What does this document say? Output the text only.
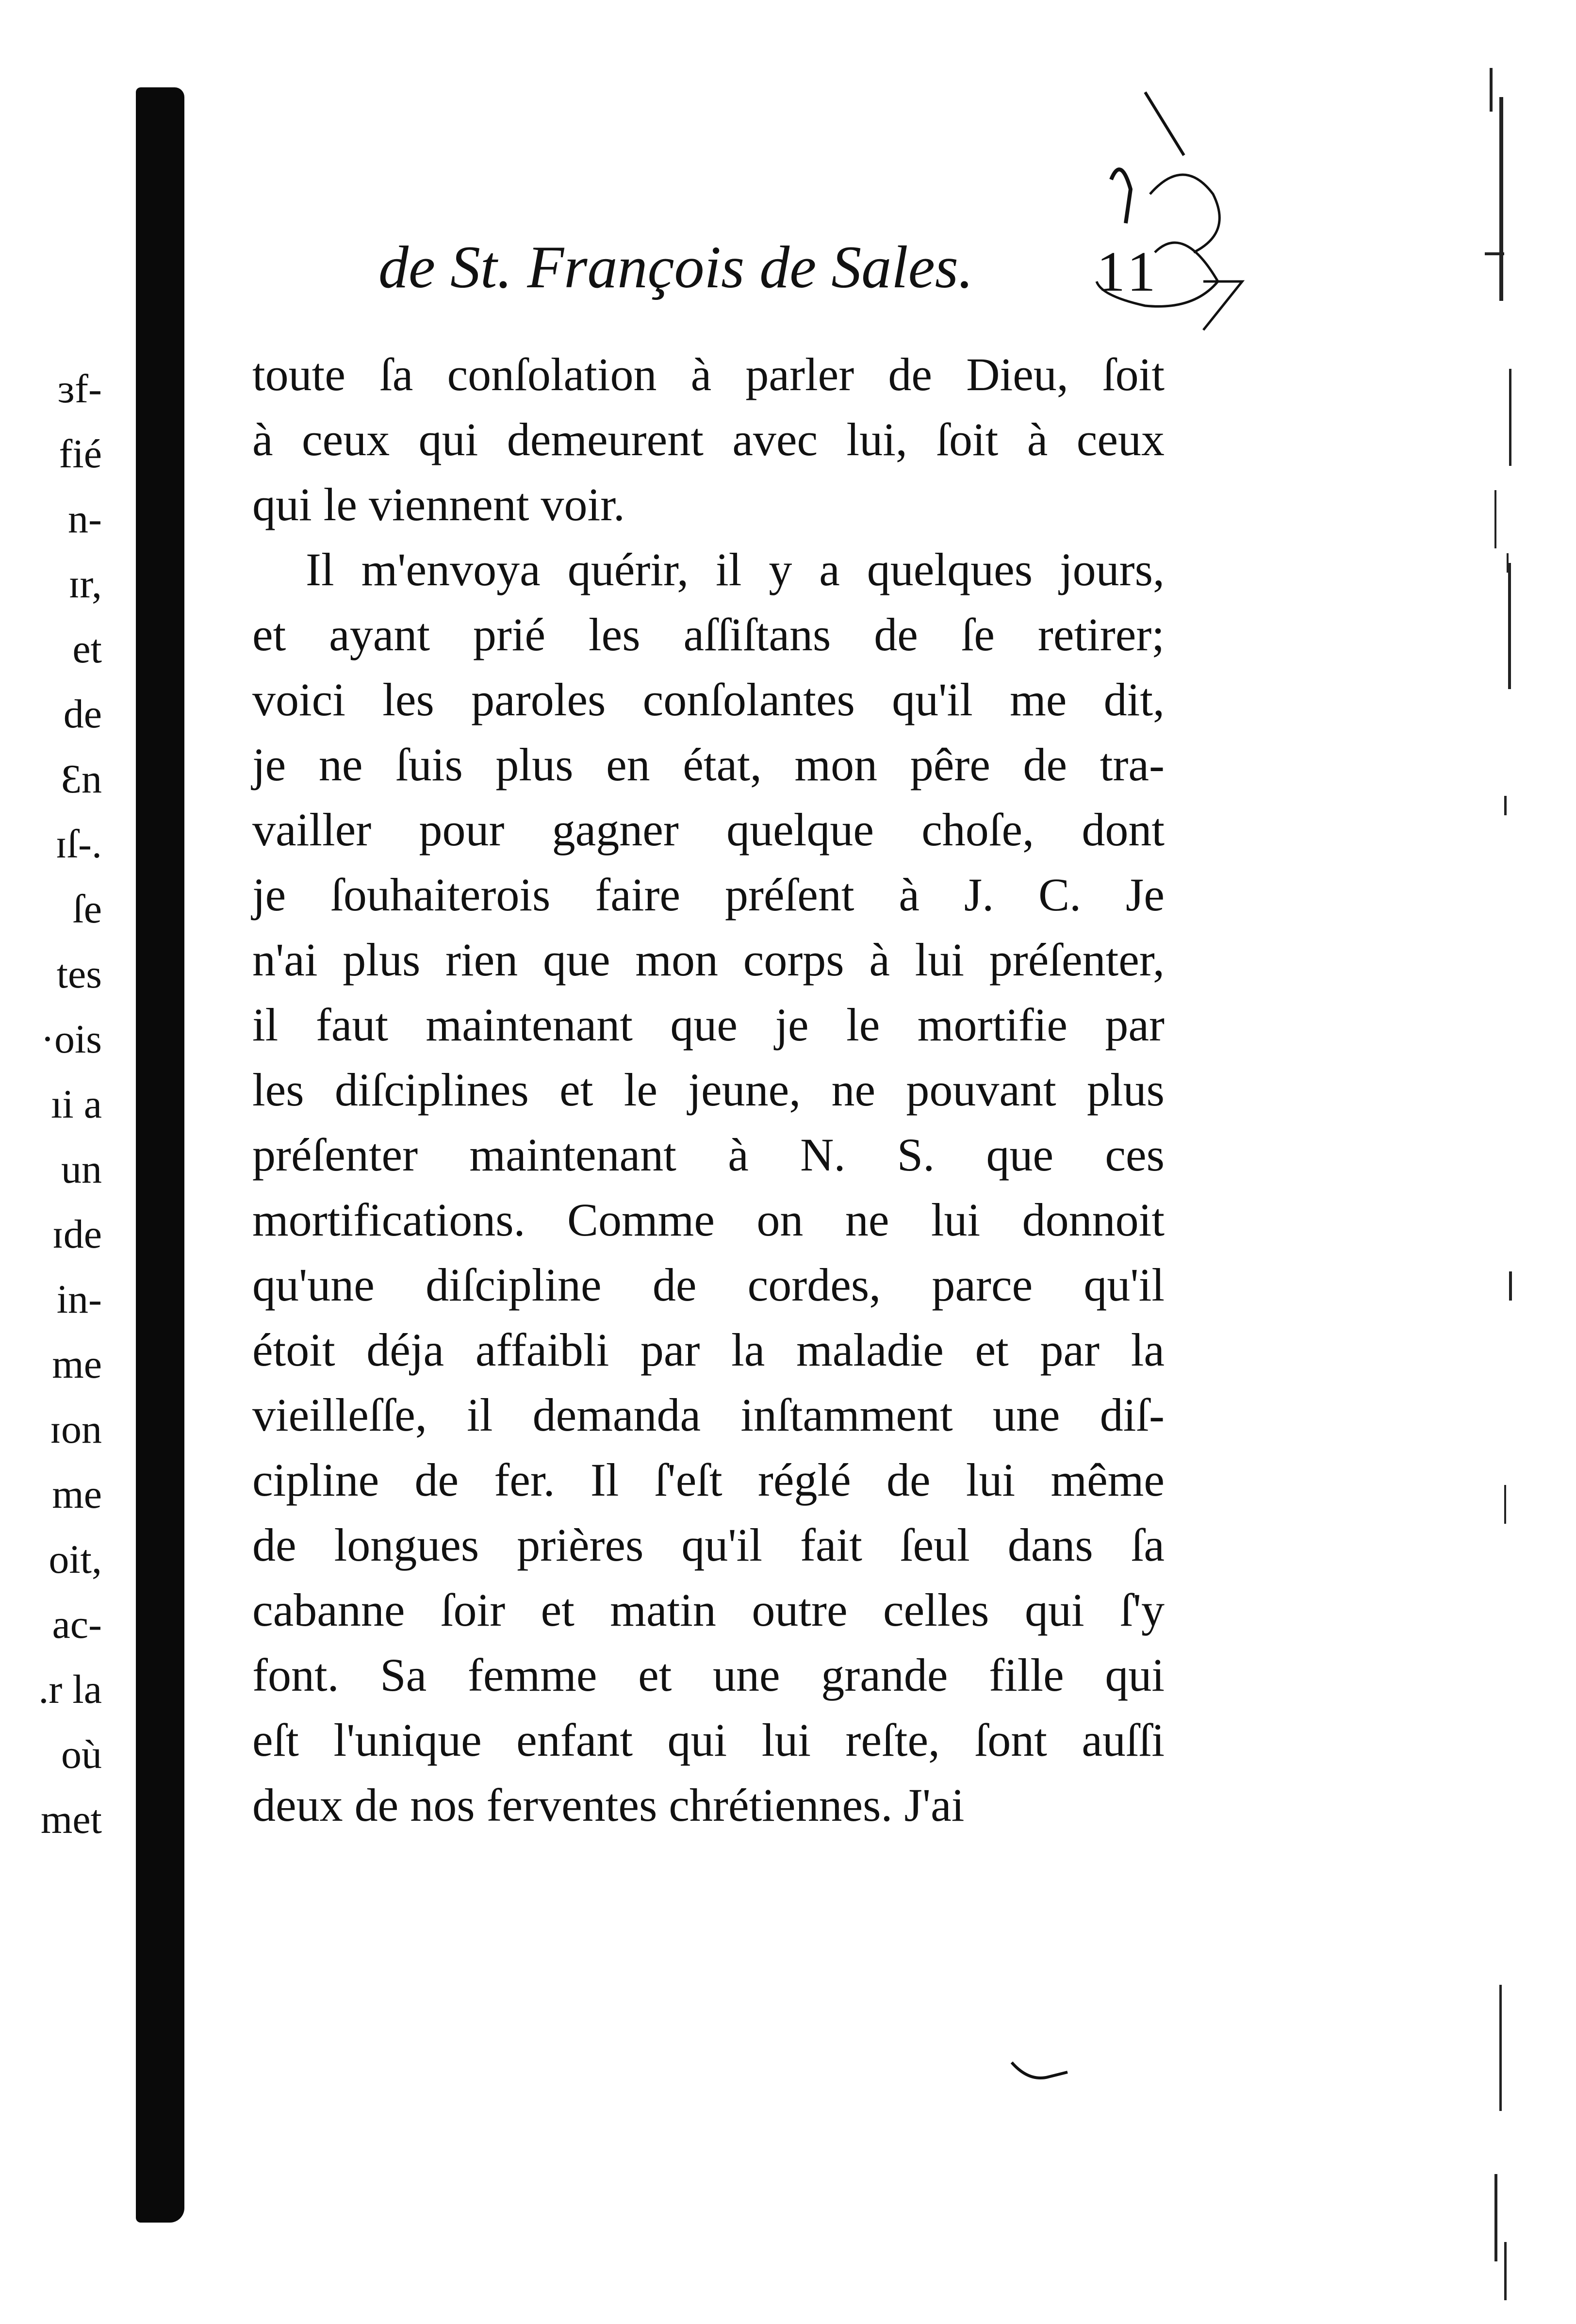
ɜf-
fié
n-
ɪr,
et
de
Ɛn
ɪſ-.
ſe
tes
·ois
ıi a
un
ɪde
in-
me
ɪon
me
oit,
ac-
.r la
où
met
de St. François de Sales.	11
toute ſa conſolation à parler de Dieu, ſoit
à ceux qui demeurent avec lui, ſoit à ceux
qui le viennent voir.
Il m'envoya quérir, il y a quelques jours,
et ayant prié les aſſiſtans de ſe retirer;
voici les paroles conſolantes qu'il me dit,
je ne ſuis plus en état, mon pêre de tra-
vailler pour gagner quelque choſe, dont
je ſouhaiterois faire préſent à J. C. Je
n'ai plus rien que mon corps à lui préſenter,
il faut maintenant que je le mortifie par
les diſciplines et le jeune, ne pouvant plus
préſenter maintenant à N. S. que ces
mortifications. Comme on ne lui donnoit
qu'une diſcipline de cordes, parce qu'il
étoit déja affaibli par la maladie et par la
vieilleſſe, il demanda inſtamment une diſ-
cipline de fer. Il ſ'eſt réglé de lui même
de longues prières qu'il fait ſeul dans ſa
cabanne ſoir et matin outre celles qui ſ'y
font. Sa femme et une grande fille qui
eſt l'unique enfant qui lui reſte, ſont auſſi
deux de nos ferventes chrétiennes. J'ai
